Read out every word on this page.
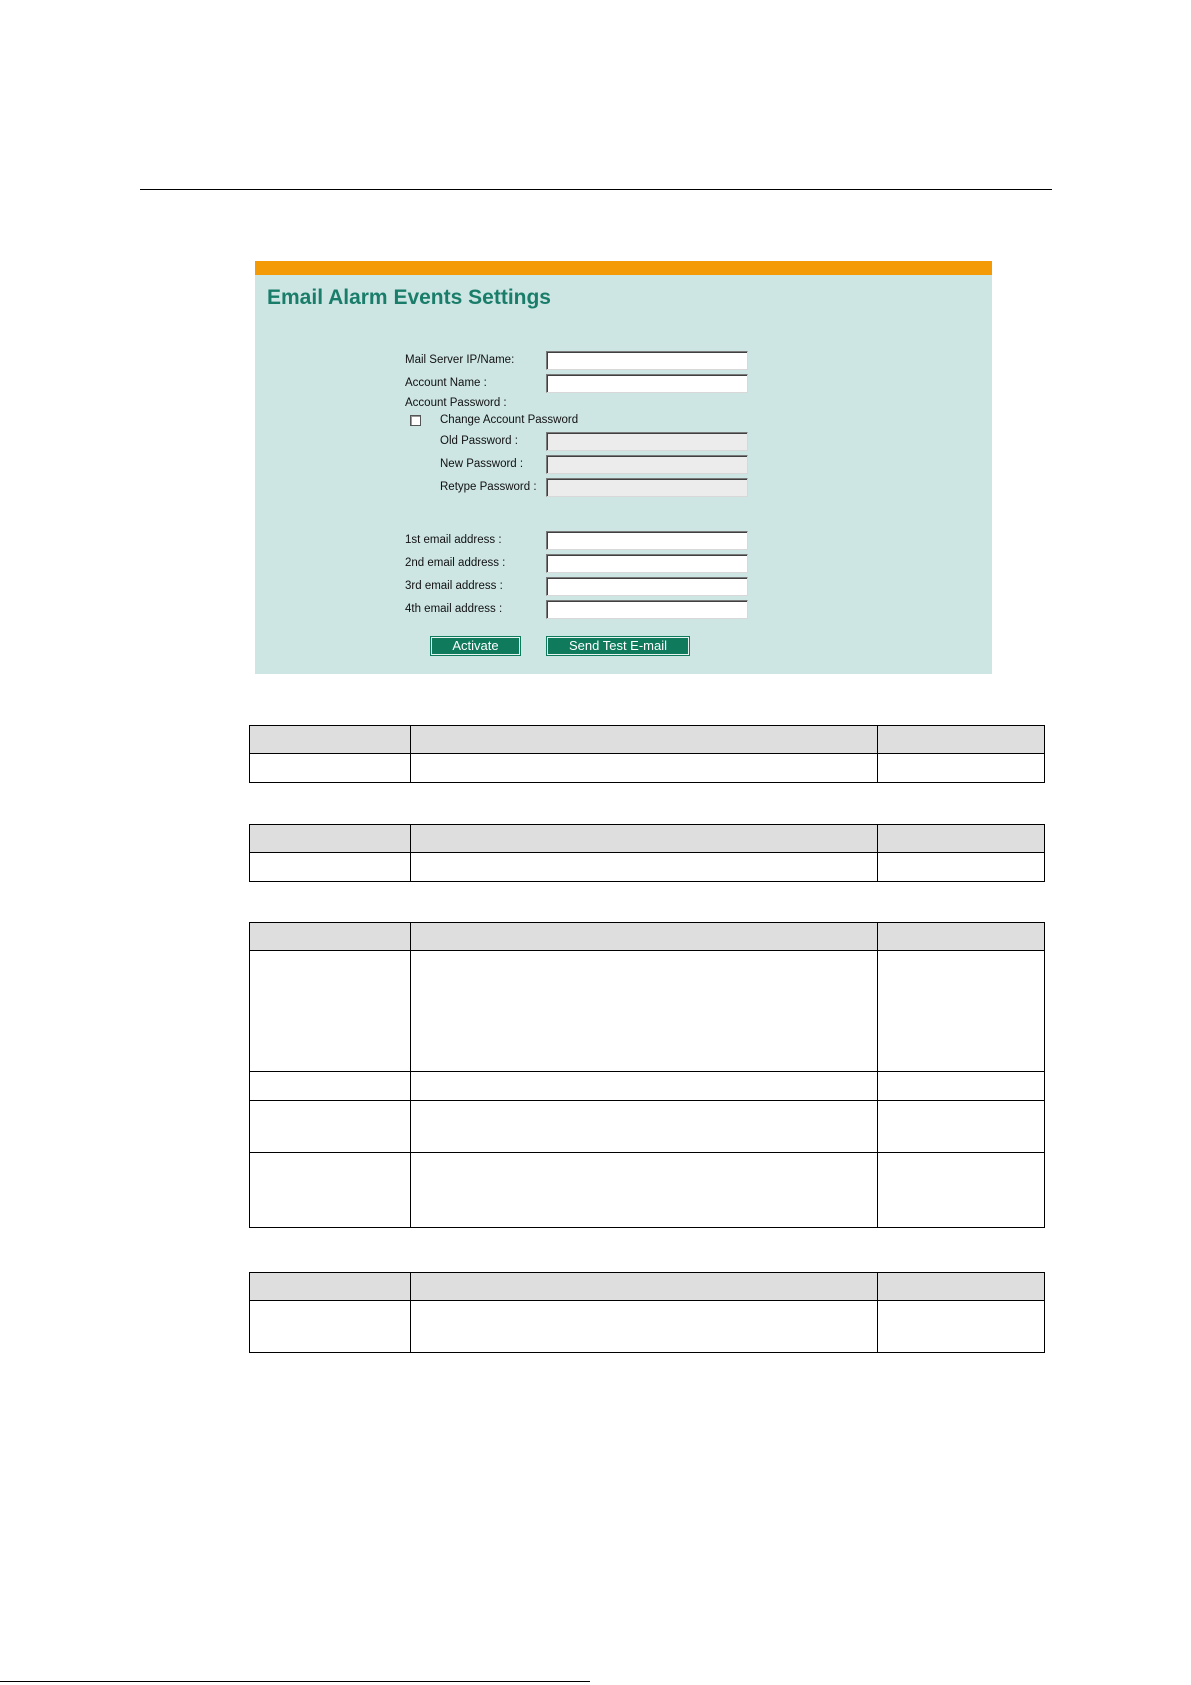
Email Alarm Events Settings
Mail Server IP/Name:
Account Name :
Account Password :
Change Account Password
Old Password :
New Password :
Retype Password :
1st email address :
2nd email address :
3rd email address :
4th email address :
Activate	Send Test E-mail
